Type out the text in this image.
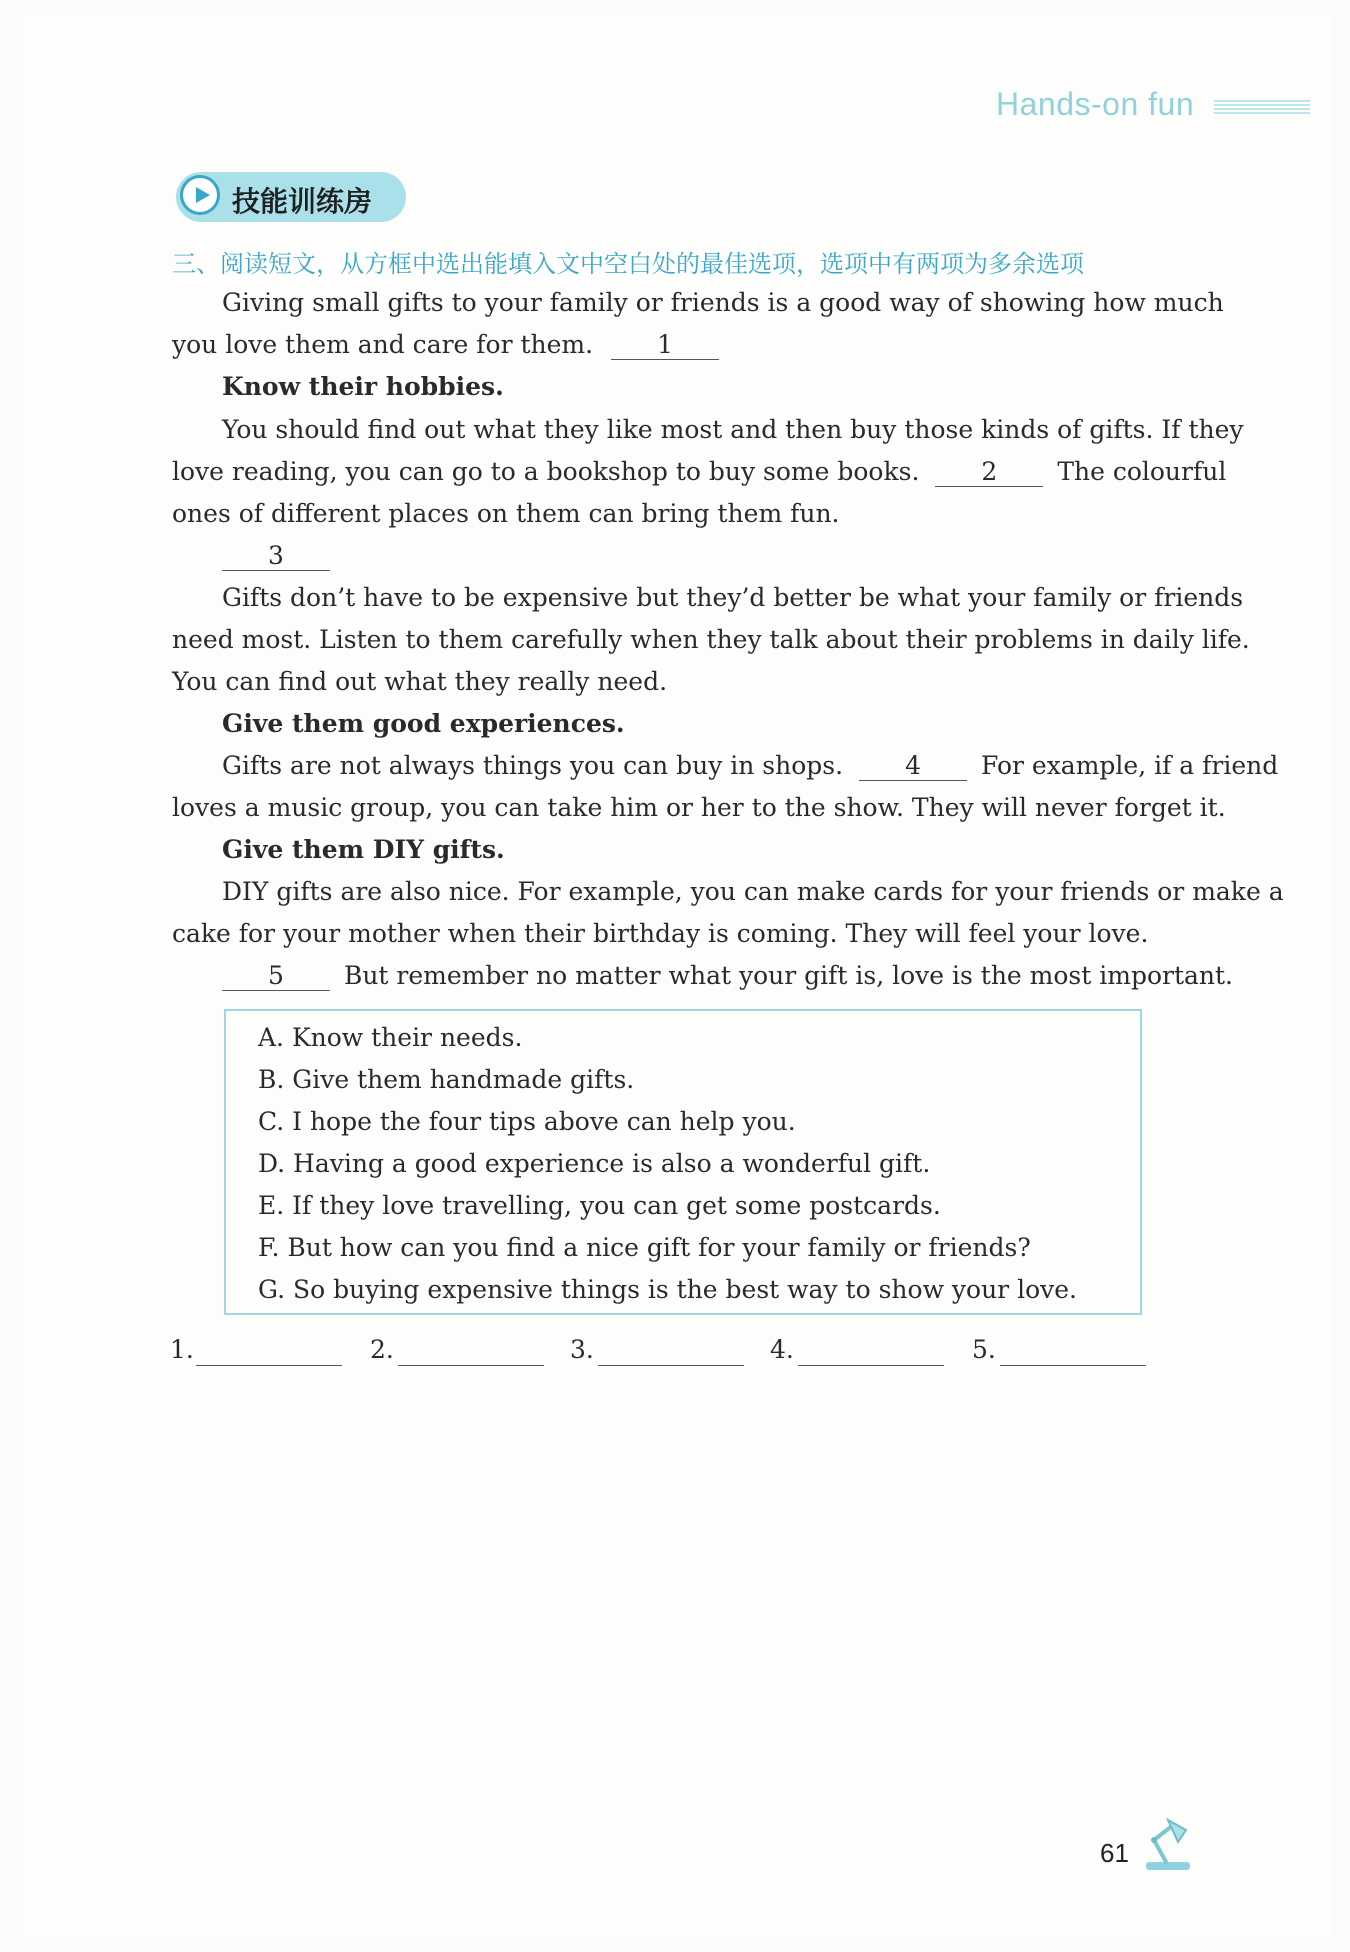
Hands-on fun
技能训练房
三、阅读短文，从方框中选出能填入文中空白处的最佳选项，选项中有两项为多余选项
Giving small gifts to your family or friends is a good way of showing how much
you love them and care for them.	1
Know their hobbies.
You should find out what they like most and then buy those kinds of gifts. If they
love reading, you can go to a bookshop to buy some books. 2 The colourful
ones of different places on them can bring them fun.
3
Gifts don’t have to be expensive but they’d better be what your family or friends
need most. Listen to them carefully when they talk about their problems in daily life.
You can find out what they really need.
Give them good experiences.
Gifts are not always things you can buy in shops. 4 For example, if a friend
loves a music group, you can take him or her to the show. They will never forget it.
Give them DIY gifts.
DIY gifts are also nice. For example, you can make cards for your friends or make a
cake for your mother when their birthday is coming. They will feel your love.
5 But remember no matter what your gift is, love is the most important.
A. Know their needs.
B. Give them handmade gifts.
C. I hope the four tips above can help you.
D. Having a good experience is also a wonderful gift.
E. If they love travelling, you can get some postcards.
F. But how can you find a nice gift for your family or friends?
G. So buying expensive things is the best way to show your love.
1.	2.	3.	4.	5.
61
